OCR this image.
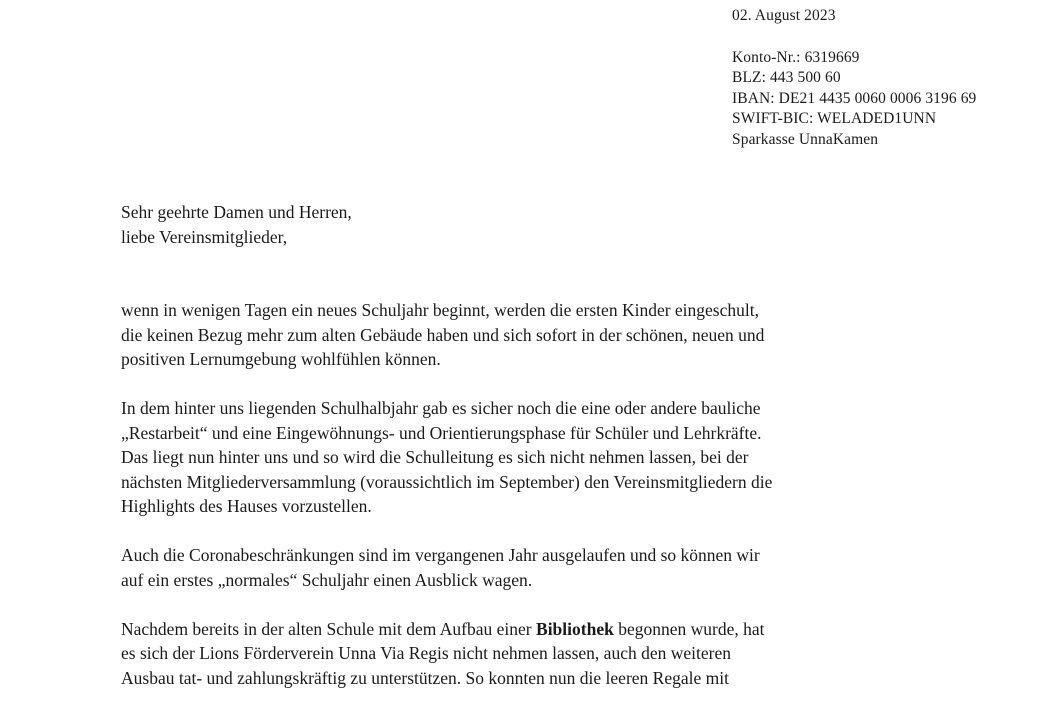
02. August 2023

Konto-Nr.: 6319669

BLZ: 443 500 60

IBAN: DE21 4435 0060 0006 3196 69

SWIFT-BIC: WELADED1UNN

Sparkasse UnnaKamen

Sehr geehrte Damen und Herren,

liebe Vereinsmitglieder,

wenn in wenigen Tagen ein neues Schuljahr beginnt, werden die ersten Kinder eingeschult,
die keinen Bezug mehr zum alten Gebäude haben und sich sofort in der schönen, neuen und
positiven Lernumgebung wohlfühlen können.

In dem hinter uns liegenden Schulhalbjahr gab es sicher noch die eine oder andere bauliche
„Restarbeit“ und eine Eingewöhnungs- und Orientierungsphase für Schüler und Lehrkräfte.
Das liegt nun hinter uns und so wird die Schulleitung es sich nicht nehmen lassen, bei der
nächsten Mitgliederversammlung (voraussichtlich im September) den Vereinsmitgliedern die
Highlights des Hauses vorzustellen.

Auch die Coronabeschränkungen sind im vergangenen Jahr ausgelaufen und so können wir
auf ein erstes „normales“ Schuljahr einen Ausblick wagen.

Nachdem bereits in der alten Schule mit dem Aufbau einer Bibliothek begonnen wurde, hat
es sich der Lions Förderverein Unna Via Regis nicht nehmen lassen, auch den weiteren
Ausbau tat- und zahlungskräftig zu unterstützen. So konnten nun die leeren Regale mit
